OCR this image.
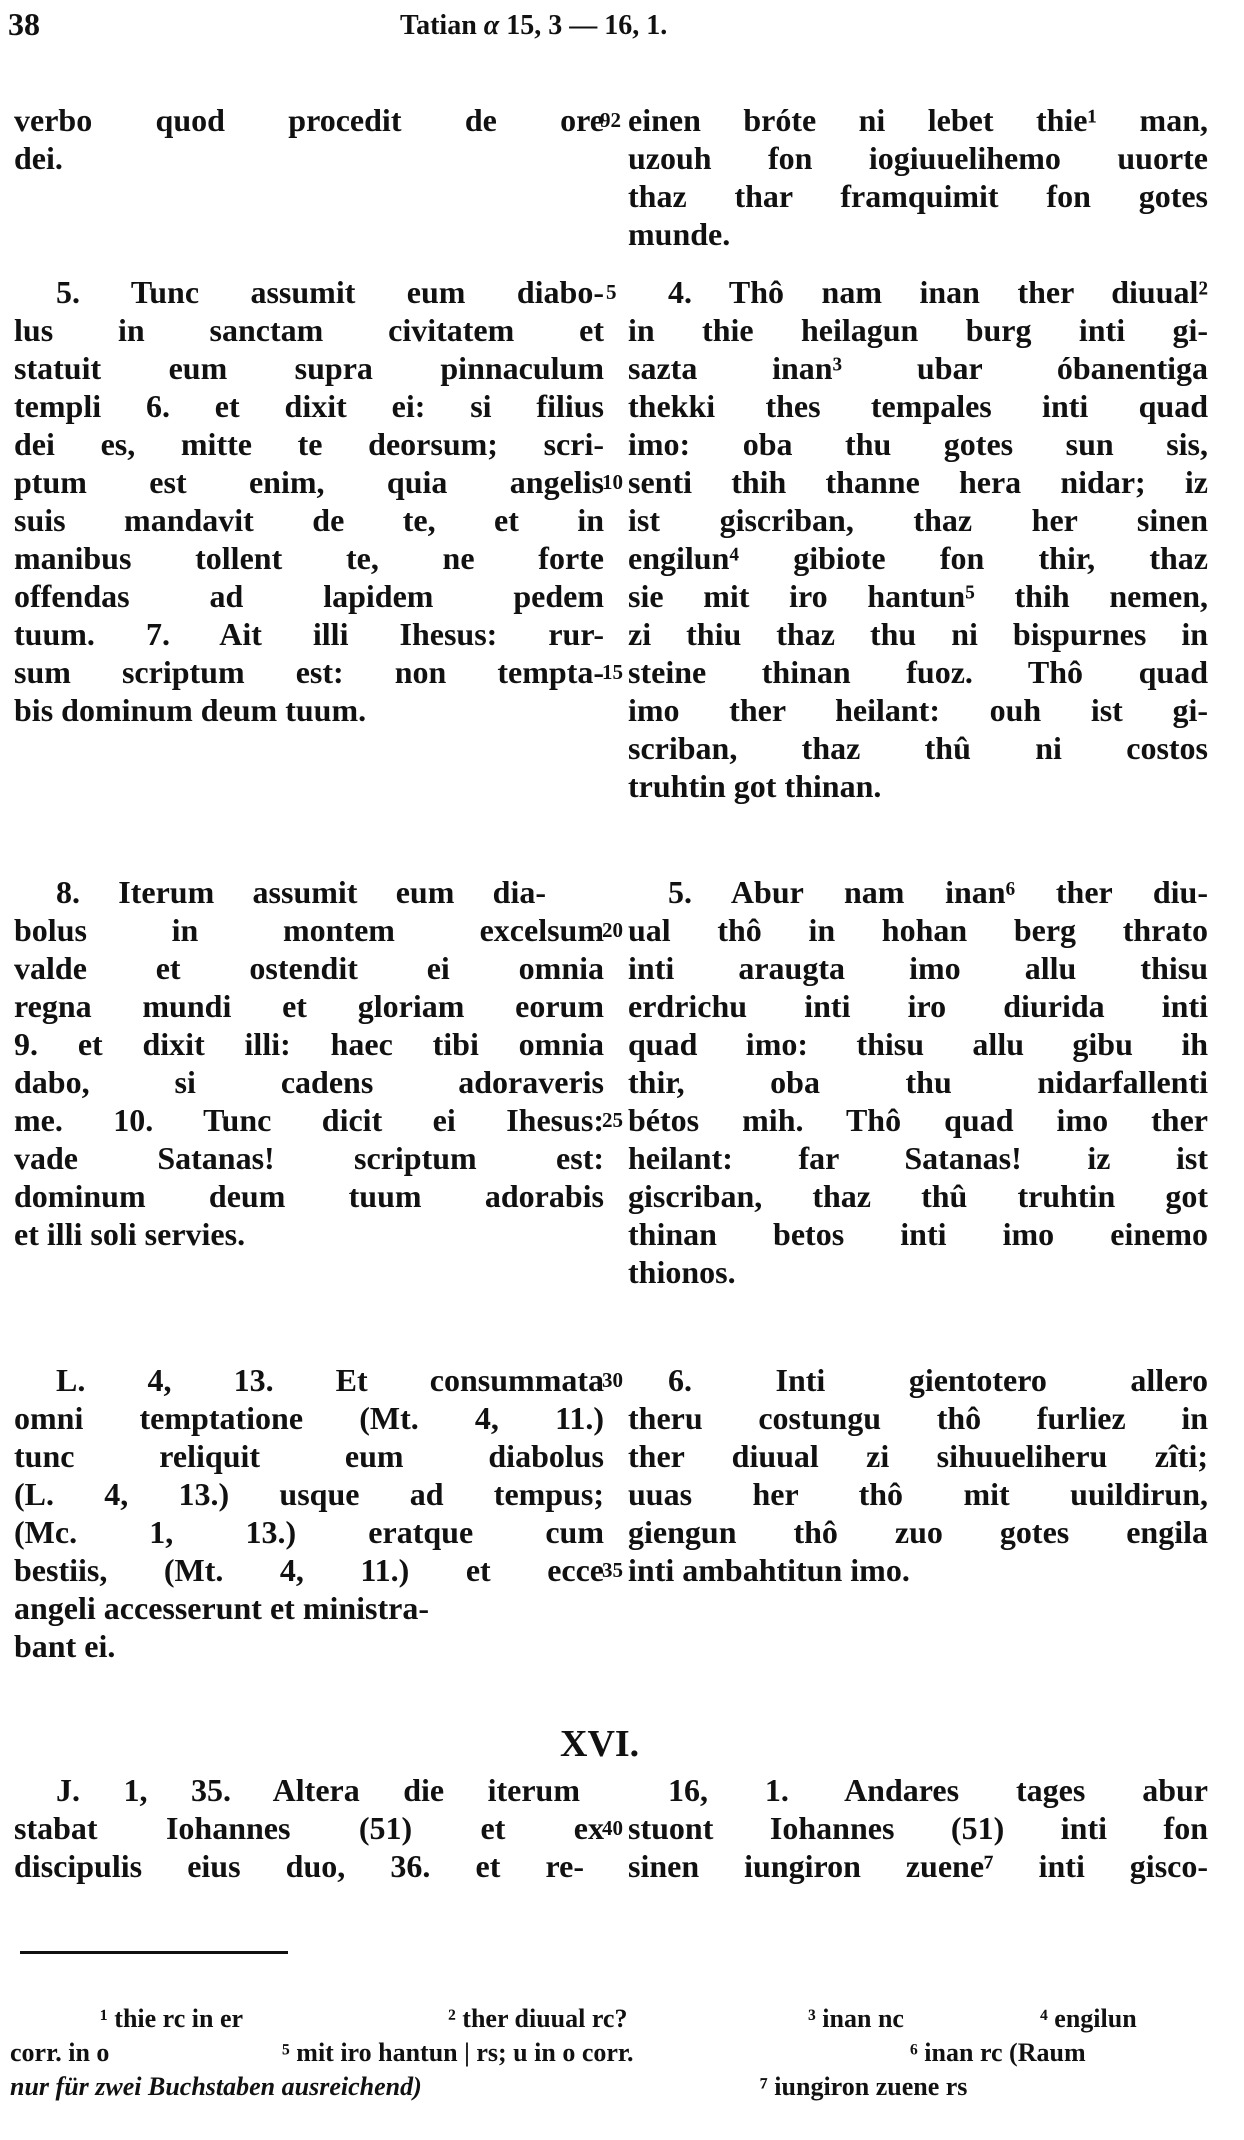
38	Tatian α 15, 3 — 16, 1.
verbo quod procedit de ore
dei.
5. Tunc assumit eum diabo-
lus in sanctam civitatem et
statuit eum supra pinnaculum
templi 6. et dixit ei: si filius
dei es, mitte te deorsum; scri-
ptum est enim, quia angelis
suis mandavit de te, et in
manibus tollent te, ne forte
offendas ad lapidem pedem
tuum. 7. Ait illi Ihesus: rur-
sum scriptum est: non tempta-
bis dominum deum tuum.
8. Iterum assumit eum dia-
bolus in montem excelsum
valde et ostendit ei omnia
regna mundi et gloriam eorum
9. et dixit illi: haec tibi omnia
dabo, si cadens adoraveris
me. 10. Tunc dicit ei Ihesus:
vade Satanas! scriptum est:
dominum deum tuum adorabis
et illi soli servies.
L. 4, 13. Et consummata
omni temptatione (Mt. 4, 11.)
tunc reliquit eum diabolus
(L. 4, 13.) usque ad tempus;
(Mc. 1, 13.) eratque cum
bestiis, (Mt. 4, 11.) et ecce
angeli accesserunt et ministra-
bant ei.
J. 1, 35. Altera die iterum
stabat Iohannes (51) et ex
discipulis eius duo, 36. et re-
92
5
10
15
20
25
30
35
40
einen bróte ni lebet thie¹ man,
uzouh fon iogiuuelihemo uuorte
thaz thar framquimit fon gotes
munde.
4. Thô nam inan ther diuual²
in thie heilagun burg inti gi-
sazta inan³ ubar óbanentiga
thekki thes tempales inti quad
imo: oba thu gotes sun sis,
senti thih thanne hera nidar; iz
ist giscriban, thaz her sinen
engilun⁴ gibiote fon thir, thaz
sie mit iro hantun⁵ thih nemen,
zi thiu thaz thu ni bispurnes in
steine thinan fuoz. Thô quad
imo ther heilant: ouh ist gi-
scriban, thaz thû ni costos
truhtin got thinan.
5. Abur nam inan⁶ ther diu-
ual thô in hohan berg thrato
inti araugta imo allu thisu
erdrichu inti iro diurida inti
quad imo: thisu allu gibu ih
thir, oba thu nidarfallenti
bétos mih. Thô quad imo ther
heilant: far Satanas! iz ist
giscriban, thaz thû truhtin got
thinan betos inti imo einemo
thionos.
6. Inti gientotero allero
theru costungu thô furliez in
ther diuual zi sihuueliheru zîti;
uuas her thô mit uuildirun,
giengun thô zuo gotes engila
inti ambahtitun imo.
16, 1. Andares tages abur
stuont Iohannes (51) inti fon
sinen iungiron zuene⁷ inti gisco-
XVI.
¹ thie rc in er	² ther diuual rc?	³ inan nc	⁴ engilun
corr. in o	⁵ mit iro hantun | rs; u in o corr.	⁶ inan rc (Raum
nur für zwei Buchstaben ausreichend)	⁷ iungiron zuene rs
